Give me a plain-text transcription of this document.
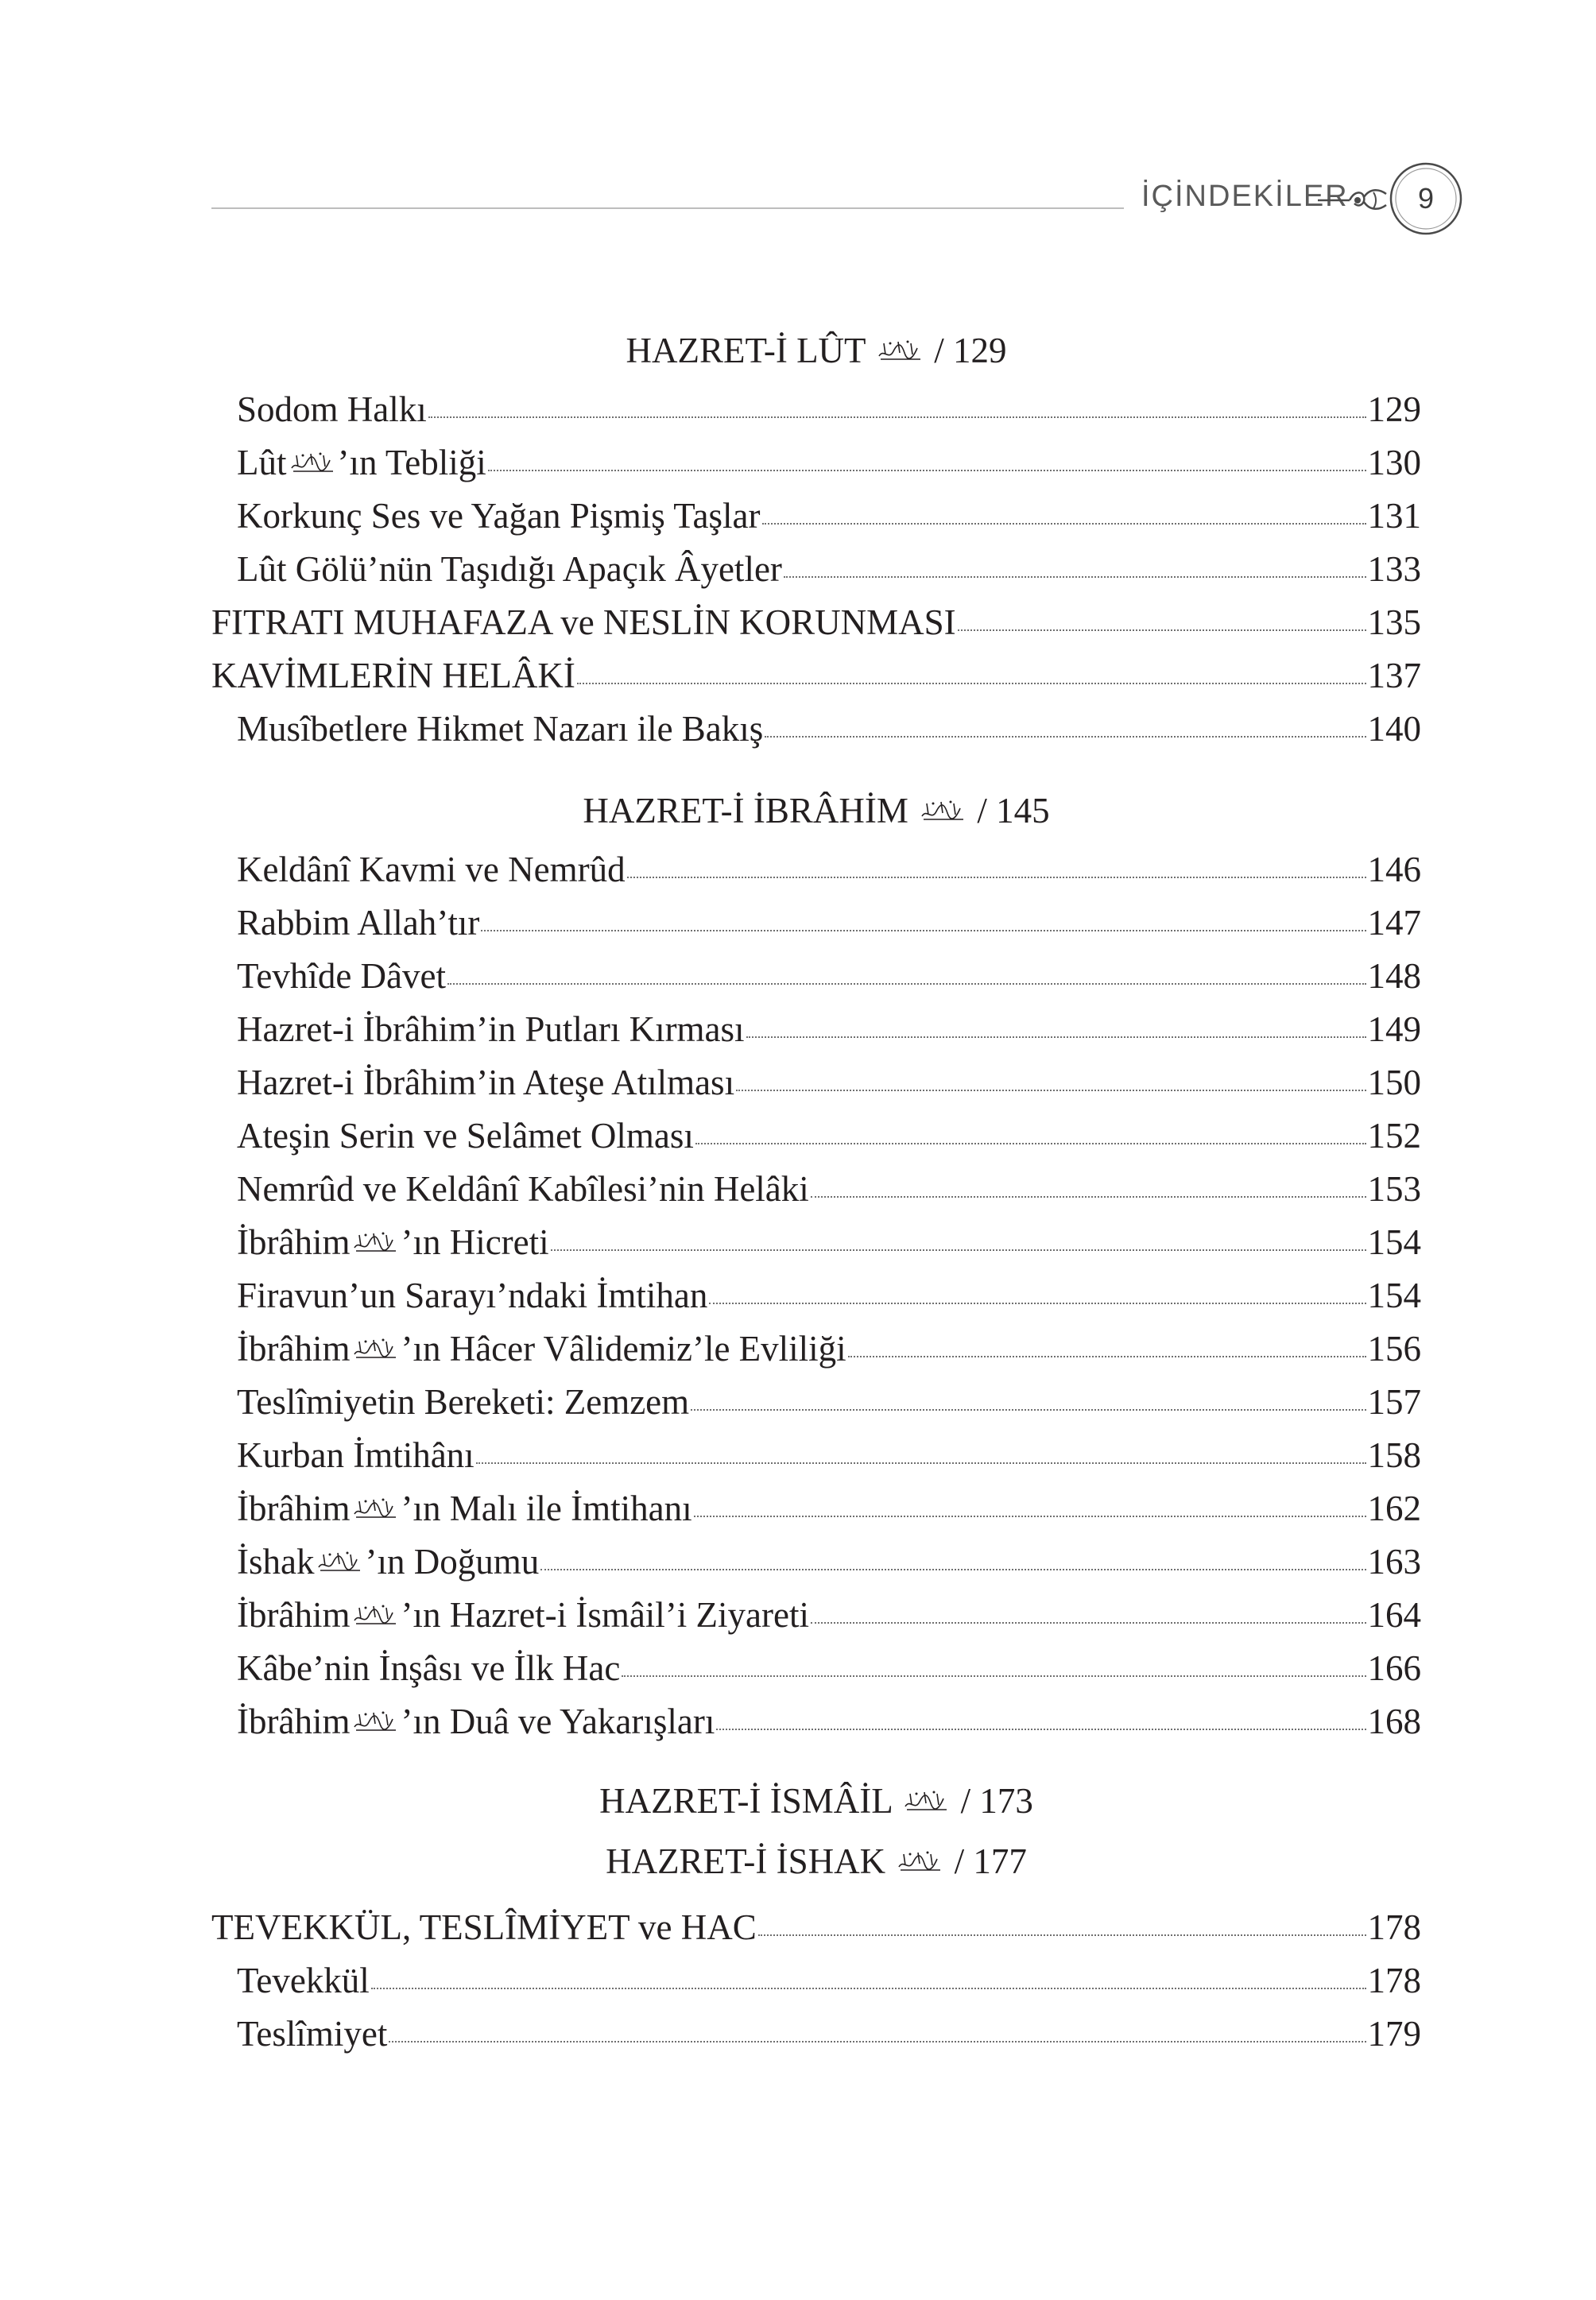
İÇİNDEKİLER	9
HAZRET-İ LÛT / 129
Sodom Halkı	129
Lût ’ın Tebliği	130
Korkunç Ses ve Yağan Pişmiş Taşlar	131
Lût Gölü’nün Taşıdığı Apaçık Âyetler	133
FITRATI MUHAFAZA ve NESLİN KORUNMASI	135
KAVİMLERİN HELÂKİ	137
Musîbetlere Hikmet Nazarı ile Bakış	140
HAZRET-İ İBRÂHİM / 145
Keldânî Kavmi ve Nemrûd	146
Rabbim Allah’tır	147
Tevhîde Dâvet	148
Hazret-i İbrâhim’in Putları Kırması	149
Hazret-i İbrâhim’in Ateşe Atılması	150
Ateşin Serin ve Selâmet Olması	152
Nemrûd ve Keldânî Kabîlesi’nin Helâki	153
İbrâhim ’ın Hicreti	154
Firavun’un Sarayı’ndaki İmtihan	154
İbrâhim ’ın Hâcer Vâlidemiz’le Evliliği	156
Teslîmiyetin Bereketi: Zemzem	157
Kurban İmtihânı	158
İbrâhim ’ın Malı ile İmtihanı	162
İshak ’ın Doğumu	163
İbrâhim ’ın Hazret-i İsmâil’i Ziyareti	164
Kâbe’nin İnşâsı ve İlk Hac	166
İbrâhim ’ın Duâ ve Yakarışları	168
HAZRET-İ İSMÂİL / 173
HAZRET-İ İSHAK / 177
TEVEKKÜL, TESLÎMİYET ve HAC	178
Tevekkül	178
Teslîmiyet	179
